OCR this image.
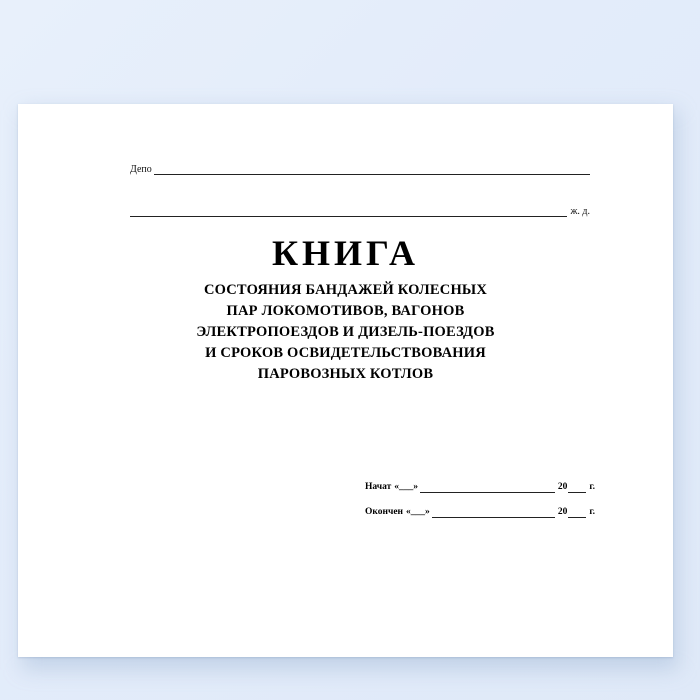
Депо
ж. д.
КНИГА
СОСТОЯНИЯ БАНДАЖЕЙ КОЛЕСНЫХ
ПАР ЛОКОМОТИВОВ, ВАГОНОВ
ЭЛЕКТРОПОЕЗДОВ И ДИЗЕЛЬ-ПОЕЗДОВ
И СРОКОВ ОСВИДЕТЕЛЬСТВОВАНИЯ
ПАРОВОЗНЫХ КОТЛОВ
Начат «___»	20 г.
Окончен «___»	20 г.
